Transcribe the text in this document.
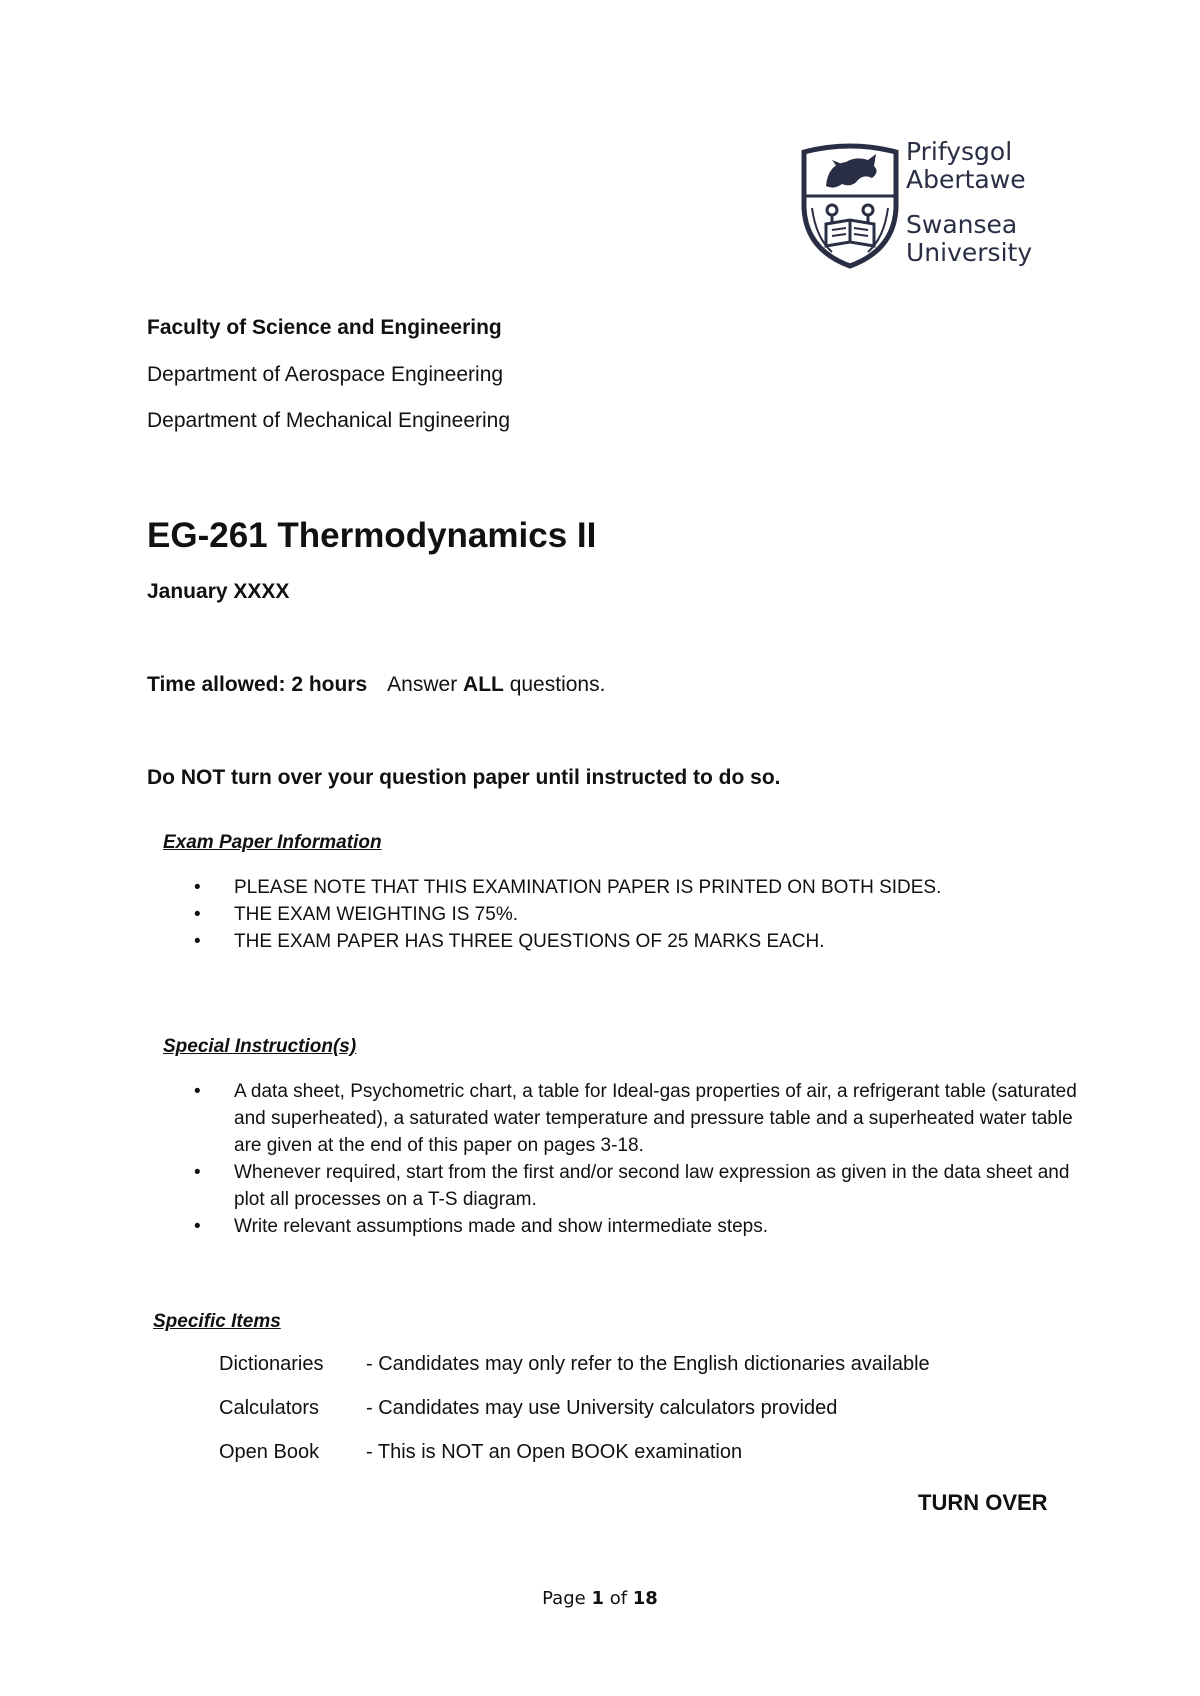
Prifysgol
Abertawe
Swansea
University
Faculty of Science and Engineering
Department of Aerospace Engineering
Department of Mechanical Engineering
EG-261 Thermodynamics II
January XXXX
Time allowed: 2 hours Answer ALL questions.
Do NOT turn over your question paper until instructed to do so.
Exam Paper Information
• PLEASE NOTE THAT THIS EXAMINATION PAPER IS PRINTED ON BOTH SIDES.
• THE EXAM WEIGHTING IS 75%.
• THE EXAM PAPER HAS THREE QUESTIONS OF 25 MARKS EACH.
Special Instruction(s)
• A data sheet, Psychometric chart, a table for Ideal-gas properties of air, a refrigerant table (saturated and superheated), a saturated water temperature and pressure table and a superheated water table are given at the end of this paper on pages 3-18.
• Whenever required, start from the first and/or second law expression as given in the data sheet and plot all processes on a T-S diagram.
• Write relevant assumptions made and show intermediate steps.
Specific Items
Dictionaries	- Candidates may only refer to the English dictionaries available
Calculators	- Candidates may use University calculators provided
Open Book	- This is NOT an Open BOOK examination
TURN OVER
Page 1 of 18
